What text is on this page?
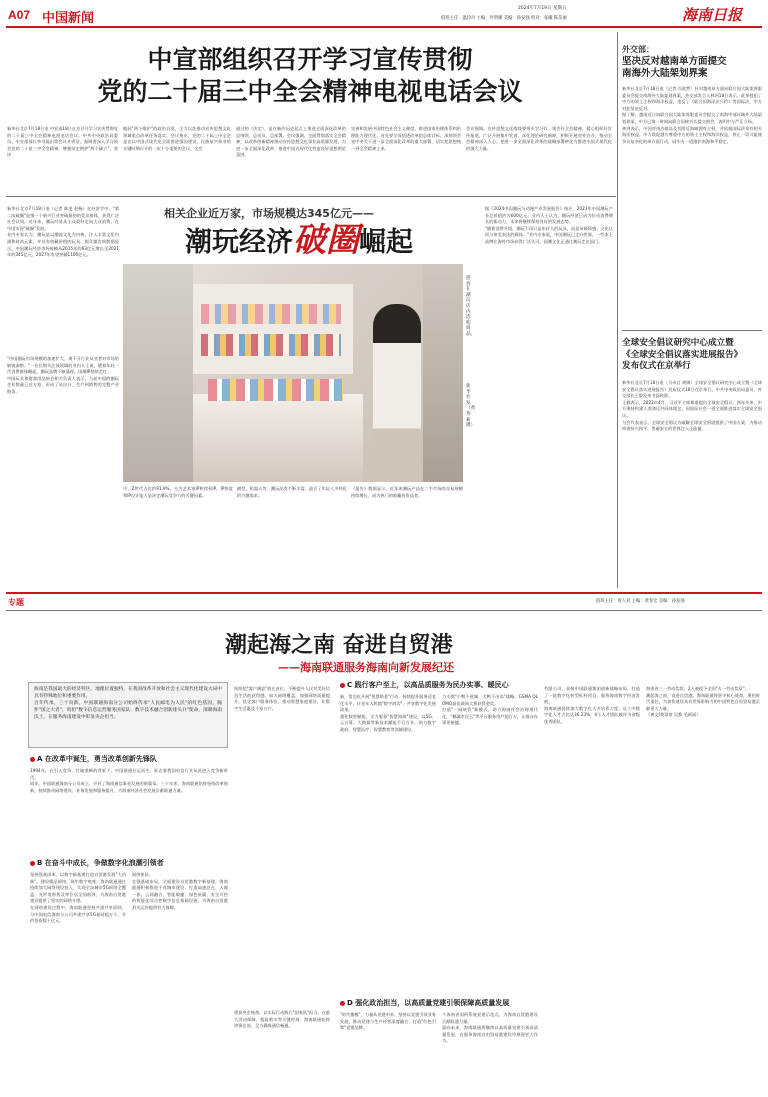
A07 中国新闻
2024年7月19日 星期五
值班主任：温玲玲 主编：叶明媚 美编：孙发强 校对：张曦 陈苗丽	海南日报
中宣部组织召开学习宣传贯彻
党的二十届三中全会精神电视电话会议
新华社北京7月18日电 中宣部18日在京召开学习宣传贯彻党的二十届三中全会精神电视电话会议。中共中央政治局委员、中宣部部长李书磊出席会议并讲话，强调要深入学习领会党的二十届三中全会精神，增强坚定拥护"两个确立"、坚决
做到"两个维护"的政治自觉，全力以赴推动宣传思想文化领域重点改革任务落实。会议指出，党的二十届三中全会是在以中国式现代化全面推进强国建设、民族复兴伟业的关键时期召开的一次十分重要的会议。全会
通过的《决定》，是在新的历史起点上推进全面深化改革的总纲领、总动员、总部署。会议强调，全面贯彻落实全会精神，以改革创新精神推动宣传思想文化事业高质量发展，为进一步全面深化改革、推进中国式现代化营造良好思想舆论氛围。
完善和发展中国特色社会主义制度、推进国家治理体系和治理能力现代化，首先要学深悟透改革的总体目标，深刻领会党中央关于进一步全面深化改革的重大部署，切实把思想统一到全会精神上来。
会议强调，宣传思想文化战线要带头学习好、领会好全会精神，精心组织好宣传报道，广泛开展集中宣讲，深化理论研究阐释，积极开展对外宣介，推动全会精神深入人心。把进一步全面深化改革的战略部署转化为推进中国式现代化的强大力量。
相关企业近万家，市场规模达345亿元——
潮玩经济破圈崛起
新华社北京7月18日电（记者 陈凌 赵畅）在经济学中，"第二次破圈"是指一个新兴行业突破最初的受众群体，获得广泛社会认同。近年来，潮玩经济从小众爱好走向大众消费，在中国实现"破圈"发展。
业内专家认为，潮玩是以潮流文化为内核，注入丰富文化内涵和时尚元素，并具有收藏价值的玩具。据艾媒咨询数据显示，中国潮玩经济市场规模从2015年的63亿元增长至2021年的345亿元，2027年有望突破1100亿元。
"中国潮玩市场规模的加速扩大，离不开行业从业者对市场的敏锐洞察。"一位长期关注该领域的业内人士说，随着年轻一代消费群体崛起，潮玩品牌不断涌现，国潮IP持续走红。
中国玩具和婴童用品协会相关负责人表示，当前中国的潮玩企业数量已近万家，形成了从设计、生产到销售的完整产业链条。
游客在潮玩店内选购商品。
新华社发（黄邦莉摄）
中，Z世代占比约91.9%，分为艺术家IP和授权IP。IP热度和IP设计能力是决定潮玩竞争力的关键因素。
模型，机器人等，潮玩品类不断丰富，迎合了年轻人多样化的兴趣需求。
《报告》数据显示，近年来潮玩产品在二手市场的交易规模持续增长，成为热门的收藏投资品类。
据《2024中国潮玩与动漫产业发展报告》统计，2023年中国潮玩产业总价值约为600亿元。业内人士认为，潮玩经济已成为拉动消费增长的新动力，未来将继续保持良好的发展态势。
"随着消费升级，潮玩不再只是年轻人的玩具，而是承载情感、文化认同与审美表达的载体。"业内专家说，中国潮玩已走向世界，一些本土品牌在海外市场获得广泛认可，国潮文化正通过潮玩走出国门。
外交部：
坚决反对越南单方面提交
南海外大陆架划界案
新华社北京7月18日电（记者 冯歆然）针对越南单方面向联合国大陆架界限委员会提交南海外大陆架划界案，外交部发言人林剑18日表示，此举侵犯了中方的领土主权和海洋权益，违反了《联合国海洋法公约》等国际法，中方对此坚决反对。
据了解，越南近日向联合国大陆架界限委员会提交了南海中部区域外大陆架划界案，中方已第一时间向联合国秘书长提交照会，表明中方严正立场。
林剑表示，中国对南沙群岛及其附近海域拥有主权，并依据国际法享有相关海洋权益。中方敦促越方尊重中方的领土主权和海洋权益，停止一切可能使争议复杂化的单方面行动，同中方一道维护南海和平稳定。
全球安全倡议研究中心成立暨
《全球安全倡议落实进展报告》
发布仪式在京举行
新华社北京7月18日电（马卓言 黄锦）全球安全倡议研究中心成立暨《全球安全倡议落实进展报告》发布仪式18日在京举行。中共中央政治局委员、外交部长王毅发来书面致辞。
王毅表示，2022年4月，习近平主席郑重提出全球安全倡议。两年多来，中方秉持构建人类命运共同体理念，同国际社会一道全面推进落实全球安全倡议。
与会代表表示，全球安全倡议为破解全球安全困境提供了中国方案，为推动构建持久和平、普遍安全的世界注入正能量。
专题	值班主任：曾人君 主编：黄春宏 美编：孙发强
潮起海之南 奋进自贸港
——海南联通服务海南向新发展纪还
海南是我国最大的经济特区、地理位置独特，在我国改革开放和社会主义现代化建设大局中具有特殊地位和重要作用。
百年传承，三十向新。中国联通海南分公司始终传承"人民邮电为人民"的红色基因，胸怀"国之大者"，勇担"数字信息运营服务国家队、数字技术融合创新排头兵"使命，深耕海南沃土，在服务海南建设中彰显央企担当。
A 在改革中诞生，勇当改革创新先锋队
1994年，在引入竞争、打破垄断的背景下，中国联通应运而生，标志着我国电信行业从此进入竞争新时代。
同年，中国联通海南分公司成立，开启了海南通信事业发展的新篇章。三十年来，海南联通始终坚持改革创新，持续推动网络建设、业务发展和服务提升，为海南经济社会发展贡献联通力量。
B 在奋斗中成长，争做数字化浪潮引领者
坚持强基固本，以数字新基建打造自贸港发展"大动脉"。建设精品网络，筑牢数字底座。海南联通通过持续加大网络建设投入，实现全岛城乡5G网络全覆盖，光纤宽带普及率位居全国前列，为海南自贸港建设提供了坚实的网络支撑。
在网络建设过程中，海南联通坚持共建共享原则，与中国电信海南分公司共建共享5G基站超万个，节约投资数十亿元。
网络体验。
在强基础布局，全面建设自贸港数字新基建。海南联通积极推进千兆城市建设，打造高速泛在、天地一体、云网融合、智能敏捷、绿色低碳、安全可控的智能化综合性数字信息基础设施，为海南自贸港封关运作提供有力保障。
始终把"客户满意"放在首位，不断提升人民对美好信息生活的获得感。加大网络覆盖，加强网络质量提升，优化客户服务体验，推动智慧家庭建设，让数字生活惠及千家万户。
C 践行客户至上，以高品质服务为民办实事、暖民心
新，常态化开展"智慧助老"行动，持续提升服务适老化水平，让老年人跨越"数字鸿沟"，共享数字化发展成果。
强化数智赋能，全力服务"智慧海南"建设。以5G、云计算、大数据等新技术赋能千行百业，助力数字政府、智慧医疗、智慧教育等领域建设。
力支撑"小鸭不进城，大鸭不出岛"战略，GSMA OLOMO最佳联网大赛获得金奖。
打造"一网统管"新模式，助力海南社会治理现代化，"椰城市民云"等平台服务用户超百万，让群众办事更便捷。
有限公司，承接中国联通集团创新战略布局，打造了一批数字化转型标杆项目，服务海南数字经济发展。
海南联通持续加大数字化人才培养力度，员工中数字化人才占比达36.23%，4个人才团队被评为省级优秀团队。
D 强化政治担当，以高质量党建引领保障高质量发展
勇担央企使命，以实际行动践行"国家队"担当。在重大活动保障、抢险救灾等关键时刻，海南联通始终冲锋在前，全力确保通信畅通。
"时代楷模"，力量从党建中来。坚持以党建引领业务发展，推动党建与生产经营深度融合，打造"红色引擎"党建品牌。
个海南省国资系统党建示范点，为海南自贸港建设贡献联通力量。
面向未来，海南联通将继续以高质量党建引领高质量发展，在服务海南自由贸易港建设中展现更大作为。
海南省三一劳动奖状，2人被授予全国"五一劳动奖章"。
潮起海之南，奋进自贸港。海南联通将坚守初心使命，勇担时代重任，为加快建设具有世界影响力的中国特色自由贸易港贡献更大力量。
（黄文/黄富豪 吴都 毛画丽）
